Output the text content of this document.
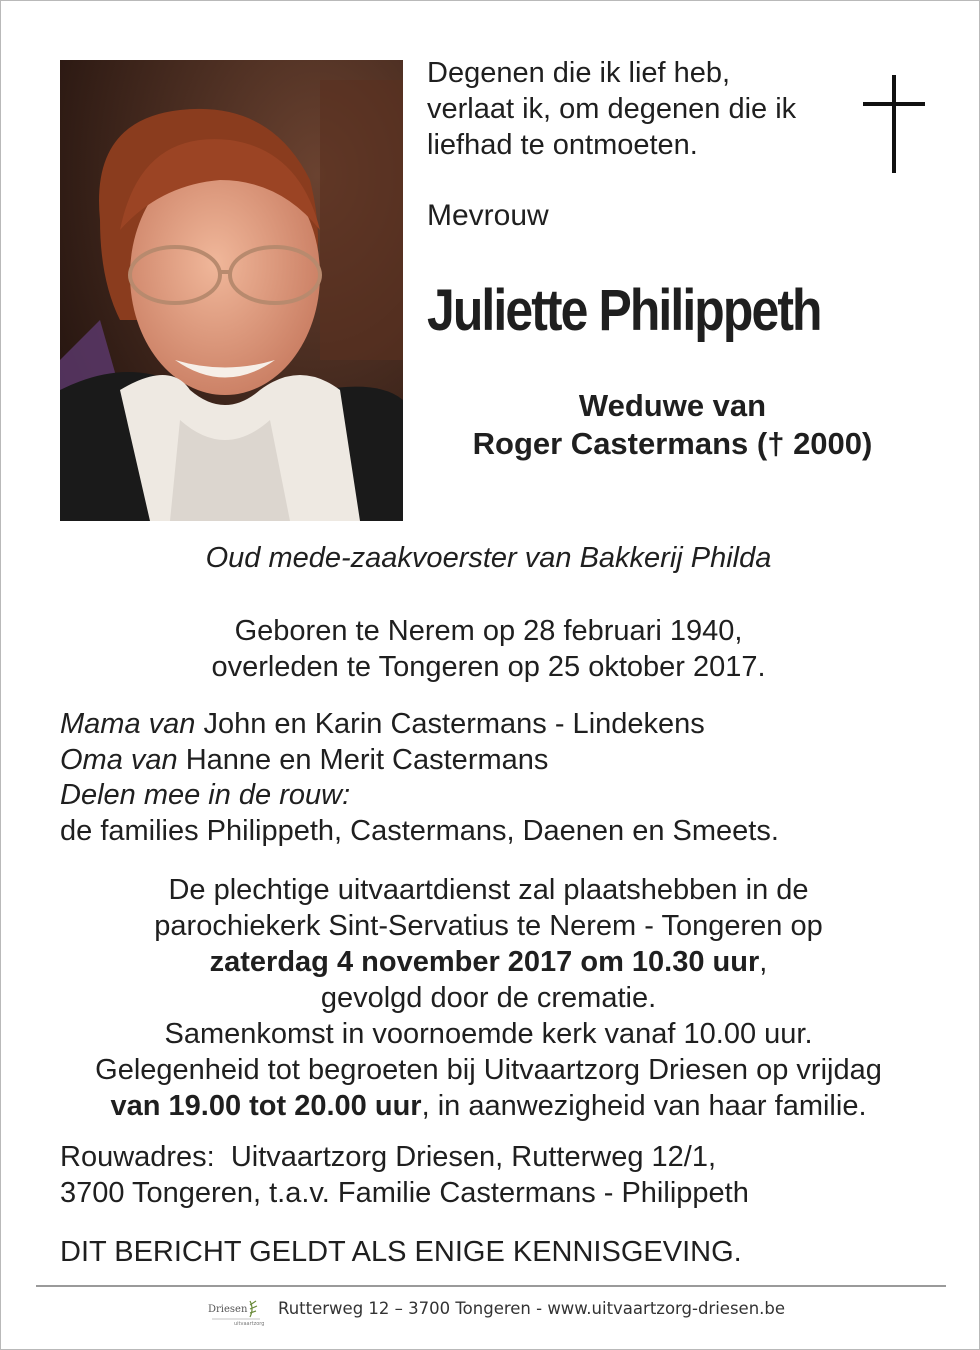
Degenen die ik lief heb,
verlaat ik, om degenen die ik
liefhad te ontmoeten.
Mevrouw
Juliette Philippeth
Weduwe van
Roger Castermans († 2000)
Oud mede-zaakvoerster van Bakkerij Philda
Geboren te Nerem op 28 februari 1940,
overleden te Tongeren op 25 oktober 2017.
Mama van John en Karin Castermans - Lindekens
Oma van Hanne en Merit Castermans
Delen mee in de rouw:
de families Philippeth, Castermans, Daenen en Smeets.
De plechtige uitvaartdienst zal plaatshebben in de
parochiekerk Sint-Servatius te Nerem - Tongeren op
zaterdag 4 november 2017 om 10.30 uur,
gevolgd door de crematie.
Samenkomst in voornoemde kerk vanaf 10.00 uur.
Gelegenheid tot begroeten bij Uitvaartzorg Driesen op vrijdag
van 19.00 tot 20.00 uur, in aanwezigheid van haar familie.
Rouwadres:  Uitvaartzorg Driesen, Rutterweg 12/1,
3700 Tongeren, t.a.v. Familie Castermans - Philippeth
DIT BERICHT GELDT ALS ENIGE KENNISGEVING.
Driesen
uitvaartzorg
Rutterweg 12 – 3700 Tongeren - www.uitvaartzorg-driesen.be
